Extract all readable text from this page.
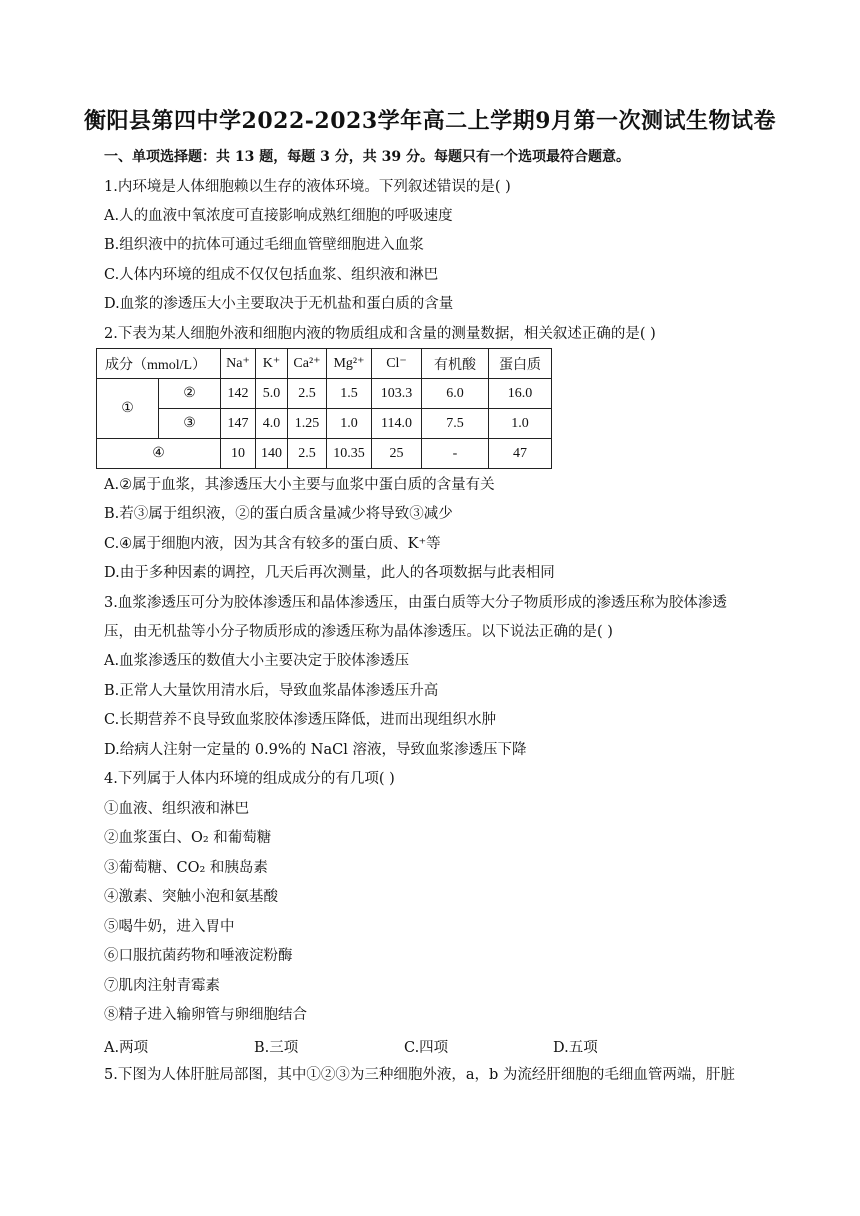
衡阳县第四中学2022-2023学年高二上学期9月第一次测试生物试卷
一、单项选择题：共 13 题，每题 3 分，共 39 分。每题只有一个选项最符合题意。
1.内环境是人体细胞赖以生存的液体环境。下列叙述错误的是( )
A.人的血液中氧浓度可直接影响成熟红细胞的呼吸速度
B.组织液中的抗体可通过毛细血管壁细胞进入血浆
C.人体内环境的组成不仅仅包括血浆、组织液和淋巴
D.血浆的渗透压大小主要取决于无机盐和蛋白质的含量
2.下表为某人细胞外液和细胞内液的物质组成和含量的测量数据，相关叙述正确的是( )
成分（mmol/L）		Na⁺	K⁺	Ca²⁺	Mg²⁺	Cl⁻	有机酸	蛋白质
①	②	142	5.0	2.5	1.5	103.3	6.0	16.0
	③	147	4.0	1.25	1.0	114.0	7.5	1.0
④		10	140	2.5	10.35	25	-	47
A.②属于血浆，其渗透压大小主要与血浆中蛋白质的含量有关
B.若③属于组织液，②的蛋白质含量减少将导致③减少
C.④属于细胞内液，因为其含有较多的蛋白质、K⁺等
D.由于多种因素的调控，几天后再次测量，此人的各项数据与此表相同
3.血浆渗透压可分为胶体渗透压和晶体渗透压，由蛋白质等大分子物质形成的渗透压称为胶体渗透
压，由无机盐等小分子物质形成的渗透压称为晶体渗透压。以下说法正确的是( )
A.血浆渗透压的数值大小主要决定于胶体渗透压
B.正常人大量饮用清水后，导致血浆晶体渗透压升高
C.长期营养不良导致血浆胶体渗透压降低，进而出现组织水肿
D.给病人注射一定量的 0.9%的 NaCl 溶液，导致血浆渗透压下降
4.下列属于人体内环境的组成成分的有几项( )
①血液、组织液和淋巴
②血浆蛋白、O₂ 和葡萄糖
③葡萄糖、CO₂ 和胰岛素
④激素、突触小泡和氨基酸
⑤喝牛奶，进入胃中
⑥口服抗菌药物和唾液淀粉酶
⑦肌肉注射青霉素
⑧精子进入输卵管与卵细胞结合
A.两项	B.三项	C.四项	D.五项
5.下图为人体肝脏局部图，其中①②③为三种细胞外液，a，b 为流经肝细胞的毛细血管两端，肝脏
